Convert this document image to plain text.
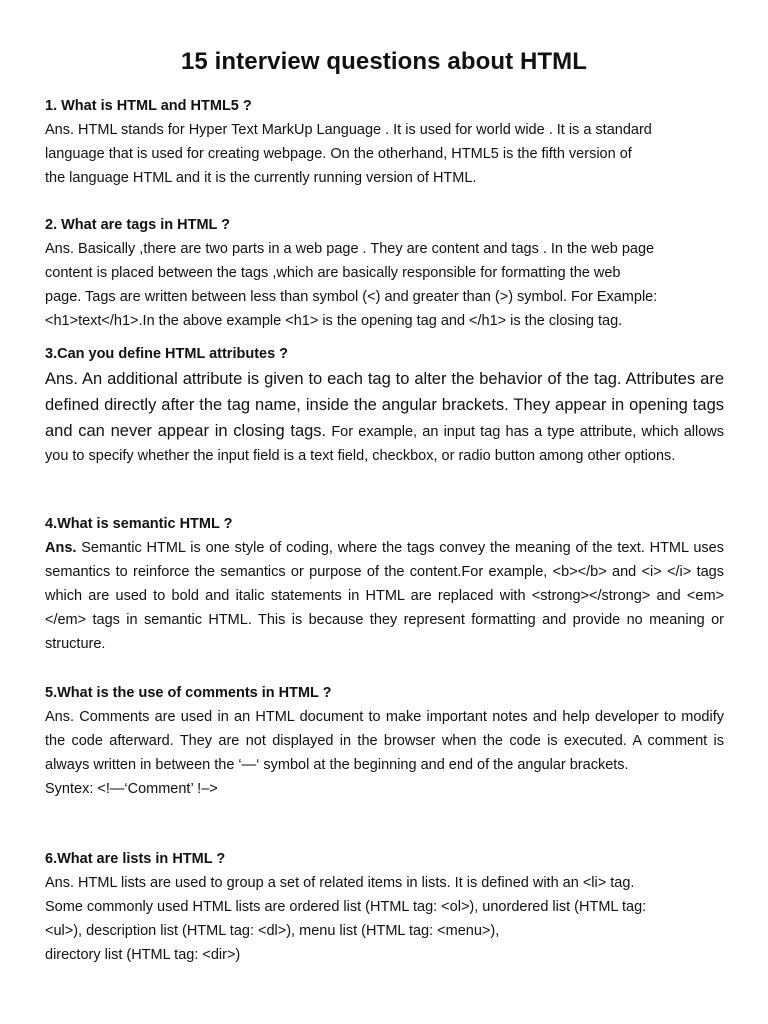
15 interview questions about HTML

1. What is HTML and HTML5 ?

Ans. HTML stands for Hyper Text MarkUp Language . It is used for world wide . It is a standard
language that is used for creating webpage. On the otherhand, HTML5 is the fifth version of
the language HTML and it is the currently running version of HTML.

2. What are tags in HTML ?

Ans. Basically ,there are two parts in a web page . They are content and tags . In the web page
content is placed between the tags ,which are basically responsible for formatting the web
page. Tags are written between less than symbol (<) and greater than (>) symbol. For Example:
<h1>text</h1>.In the above example <h1> is the opening tag and </h1> is the closing tag.

3.Can you define HTML attributes ?

Ans. An additional attribute is given to each tag to alter the behavior of the tag. Attributes are defined directly after the tag name, inside the angular brackets. They appear in opening tags and can never appear in closing tags. For example, an input tag has a type attribute, which allows you to specify whether the input field is a text field, checkbox, or radio button among other options.

4.What is semantic HTML ?

Ans. Semantic HTML is one style of coding, where the tags convey the meaning of the text. HTML uses semantics to reinforce the semantics or purpose of the content.For example, <b></b> and <i> </i> tags which are used to bold and italic statements in HTML are replaced with <strong></strong> and <em></em> tags in semantic HTML. This is because they represent formatting and provide no meaning or structure.

5.What is the use of comments in HTML ?

Ans. Comments are used in an HTML document to make important notes and help developer to modify the code afterward. They are not displayed in the browser when the code is executed. A comment is always written in between the ‘—‘ symbol at the beginning and end of the angular brackets.

Syntex: <!—‘Comment’ !–>

6.What are lists in HTML ?

Ans. HTML lists are used to group a set of related items in lists. It is defined with an <li> tag.
Some commonly used HTML lists are ordered list (HTML tag: <ol>), unordered list (HTML tag:
<ul>), description list (HTML tag: <dl>), menu list (HTML tag: <menu>),
directory list (HTML tag: <dir>)
